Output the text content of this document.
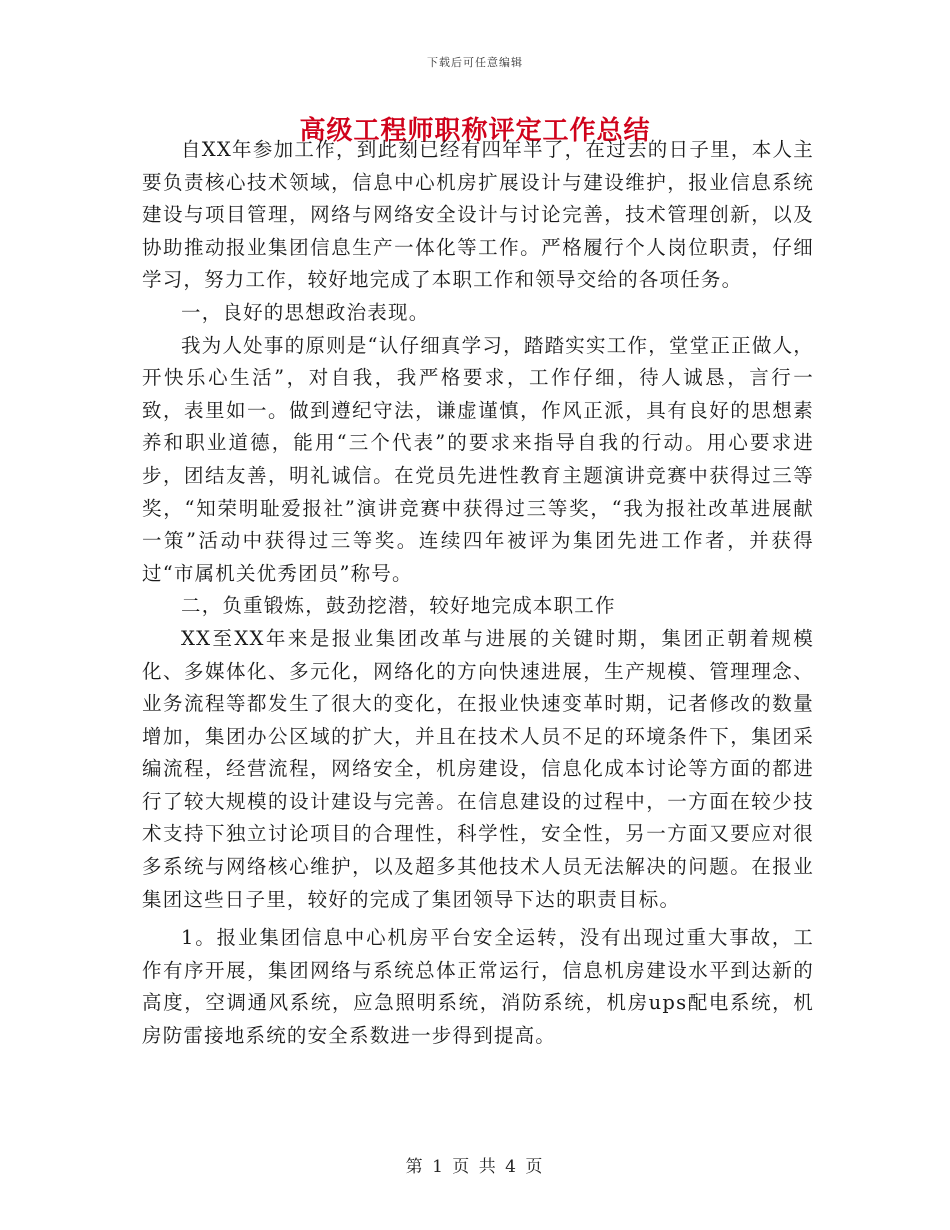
下载后可任意编辑
高级工程师职称评定工作总结

自XX年参加工作，到此刻已经有四年半了，在过去的日子里，本人主要负责核心技术领域，信息中心机房扩展设计与建设维护，报业信息系统建设与项目管理，网络与网络安全设计与讨论完善，技术管理创新，以及协助推动报业集团信息生产一体化等工作。严格履行个人岗位职责，仔细学习，努力工作，较好地完成了本职工作和领导交给的各项任务。

一，良好的思想政治表现。

我为人处事的原则是“认仔细真学习，踏踏实实工作，堂堂正正做人，开快乐心生活”，对自我，我严格要求，工作仔细，待人诚恳，言行一致，表里如一。做到遵纪守法，谦虚谨慎，作风正派，具有良好的思想素养和职业道德，能用“三个代表”的要求来指导自我的行动。用心要求进步，团结友善，明礼诚信。在党员先进性教育主题演讲竞赛中获得过三等奖，“知荣明耻爱报社”演讲竞赛中获得过三等奖，“我为报社改革进展献一策”活动中获得过三等奖。连续四年被评为集团先进工作者，并获得过“市属机关优秀团员”称号。

二，负重锻炼，鼓劲挖潜，较好地完成本职工作

XX至XX年来是报业集团改革与进展的关键时期，集团正朝着规模化、多媒体化、多元化，网络化的方向快速进展，生产规模、管理理念、业务流程等都发生了很大的变化，在报业快速变革时期，记者修改的数量增加，集团办公区域的扩大，并且在技术人员不足的环境条件下，集团采编流程，经营流程，网络安全，机房建设，信息化成本讨论等方面的都进行了较大规模的设计建设与完善。在信息建设的过程中，一方面在较少技术支持下独立讨论项目的合理性，科学性，安全性，另一方面又要应对很多系统与网络核心维护，以及超多其他技术人员无法解决的问题。在报业集团这些日子里，较好的完成了集团领导下达的职责目标。

1。报业集团信息中心机房平台安全运转，没有出现过重大事故，工作有序开展，集团网络与系统总体正常运行，信息机房建设水平到达新的高度，空调通风系统，应急照明系统，消防系统，机房ups配电系统，机房防雷接地系统的安全系数进一步得到提高。

第 1 页 共 4 页
